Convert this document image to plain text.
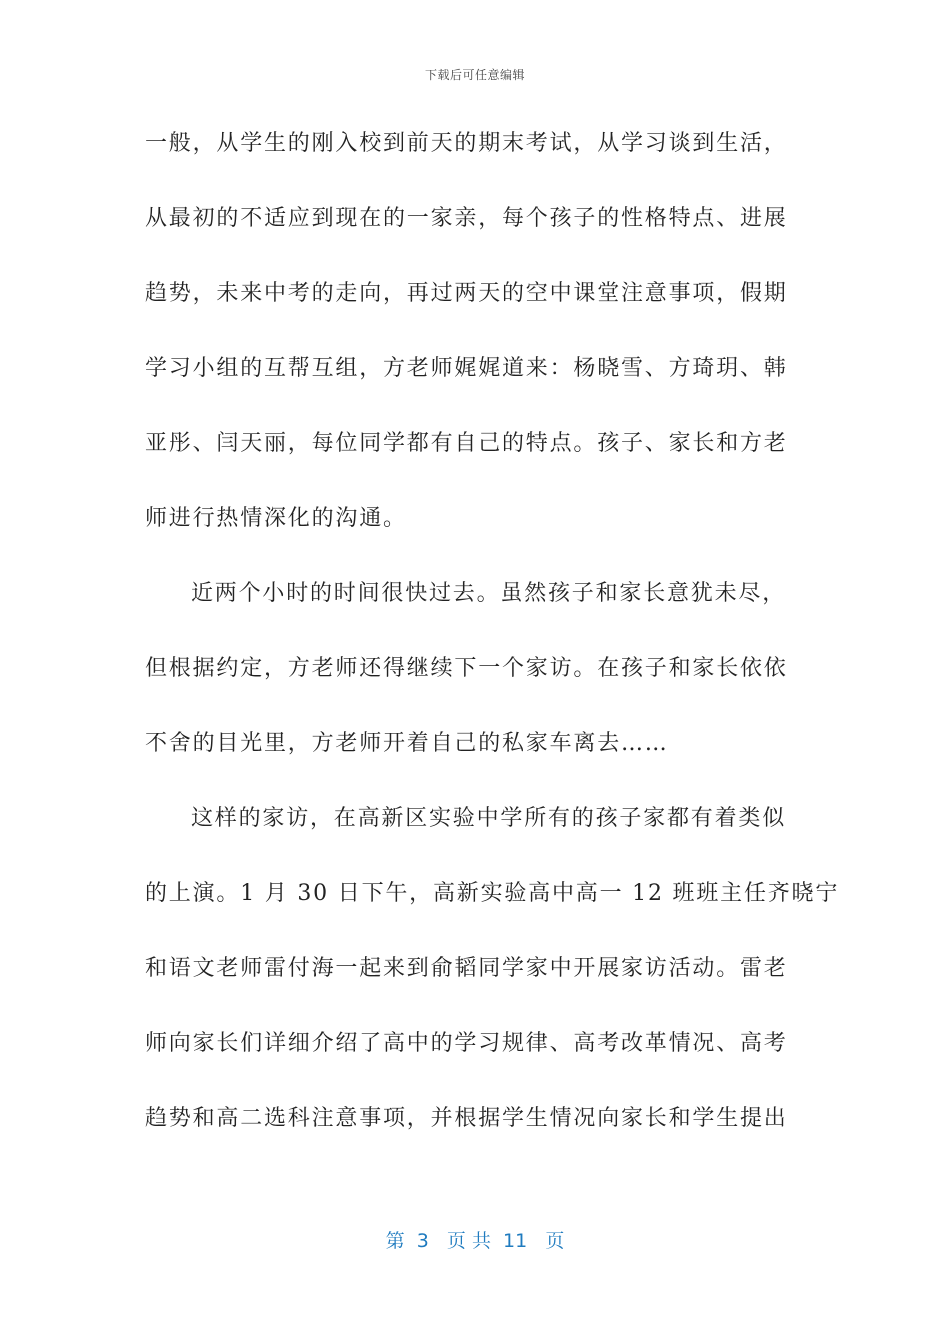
下载后可任意编辑
一般，从学生的刚入校到前天的期末考试，从学习谈到生活，
从最初的不适应到现在的一家亲，每个孩子的性格特点、进展
趋势，未来中考的走向，再过两天的空中课堂注意事项，假期
学习小组的互帮互组，方老师娓娓道来：杨晓雪、方琦玥、韩
亚彤、闫天丽，每位同学都有自己的特点。孩子、家长和方老
师进行热情深化的沟通。
近两个小时的时间很快过去。虽然孩子和家长意犹未尽，
但根据约定，方老师还得继续下一个家访。在孩子和家长依依
不舍的目光里，方老师开着自己的私家车离去……
这样的家访，在高新区实验中学所有的孩子家都有着类似
的上演。1 月 30 日下午，高新实验高中高一 12 班班主任齐晓宁
和语文老师雷付海一起来到俞韬同学家中开展家访活动。雷老
师向家长们详细介绍了高中的学习规律、高考改革情况、高考
趋势和高二选科注意事项，并根据学生情况向家长和学生提出
第  3   页 共  11   页
